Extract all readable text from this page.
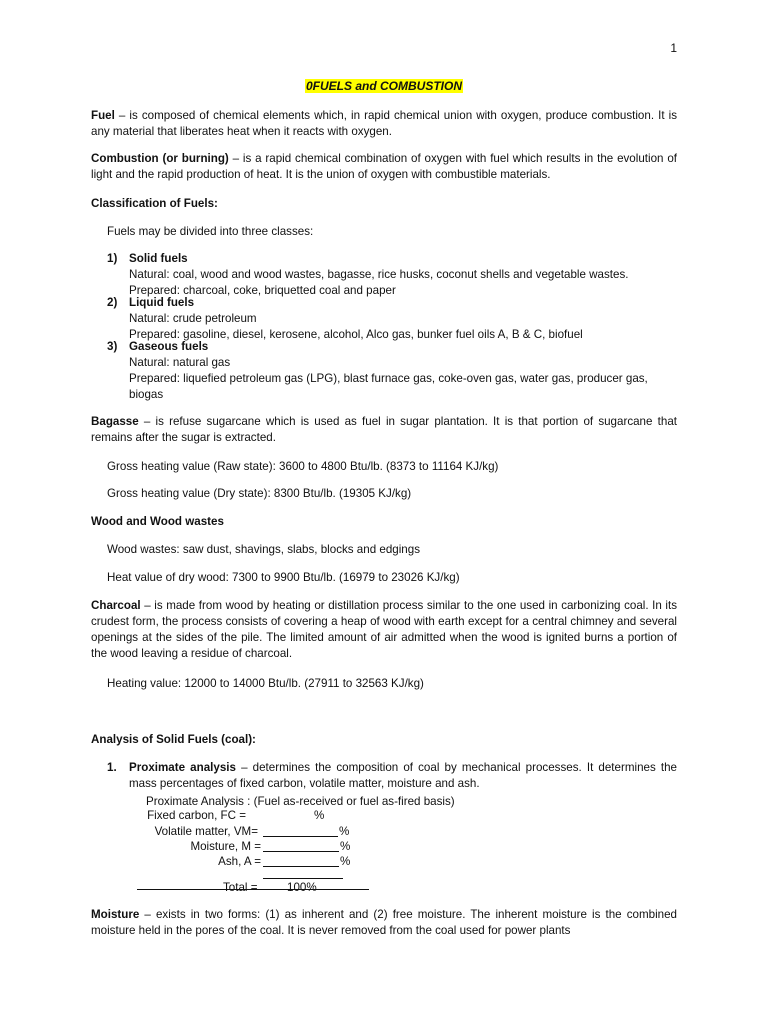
1
0FUELS and COMBUSTION
Fuel – is composed of chemical elements which, in rapid chemical union with oxygen, produce combustion. It is any material that liberates heat when it reacts with oxygen.
Combustion (or burning) – is a rapid chemical combination of oxygen with fuel which results in the evolution of light and the rapid production of heat. It is the union of oxygen with combustible materials.
Classification of Fuels:
Fuels may be divided into three classes:
1)	Solid fuels
Natural: coal, wood and wood wastes, bagasse, rice husks, coconut shells and vegetable wastes.
Prepared: charcoal, coke, briquetted coal and paper
2)	Liquid fuels
Natural: crude petroleum
Prepared: gasoline, diesel, kerosene, alcohol, Alco gas, bunker fuel oils A, B & C, biofuel
3)	Gaseous fuels
Natural: natural gas
Prepared: liquefied petroleum gas (LPG), blast furnace gas, coke-oven gas, water gas, producer gas, biogas
Bagasse – is refuse sugarcane which is used as fuel in sugar plantation. It is that portion of sugarcane that remains after the sugar is extracted.
Gross heating value (Raw state): 3600 to 4800 Btu/lb. (8373 to 11164 KJ/kg)
Gross heating value (Dry state): 8300 Btu/lb. (19305 KJ/kg)
Wood and Wood wastes
Wood wastes: saw dust, shavings, slabs, blocks and edgings
Heat value of dry wood: 7300 to 9900 Btu/lb. (16979 to 23026 KJ/kg)
Charcoal – is made from wood by heating or distillation process similar to the one used in carbonizing coal. In its crudest form, the process consists of covering a heap of wood with earth except for a central chimney and several openings at the sides of the pile. The limited amount of air admitted when the wood is ignited burns a portion of the wood leaving a residue of charcoal.
Heating value: 12000 to 14000 Btu/lb. (27911 to 32563 KJ/kg)
Analysis of Solid Fuels (coal):
1.	Proximate analysis – determines the composition of coal by mechanical processes. It determines the mass percentages of fixed carbon, volatile matter, moisture and ash.
Proximate Analysis : (Fuel as-received or fuel as-fired basis)
Fixed carbon, FC =	%
Volatile matter, VM=	%
Moisture, M =	%
Ash, A =	%
Total =	100%
Moisture – exists in two forms: (1) as inherent and (2) free moisture. The inherent moisture is the combined moisture held in the pores of the coal. It is never removed from the coal used for power plants
